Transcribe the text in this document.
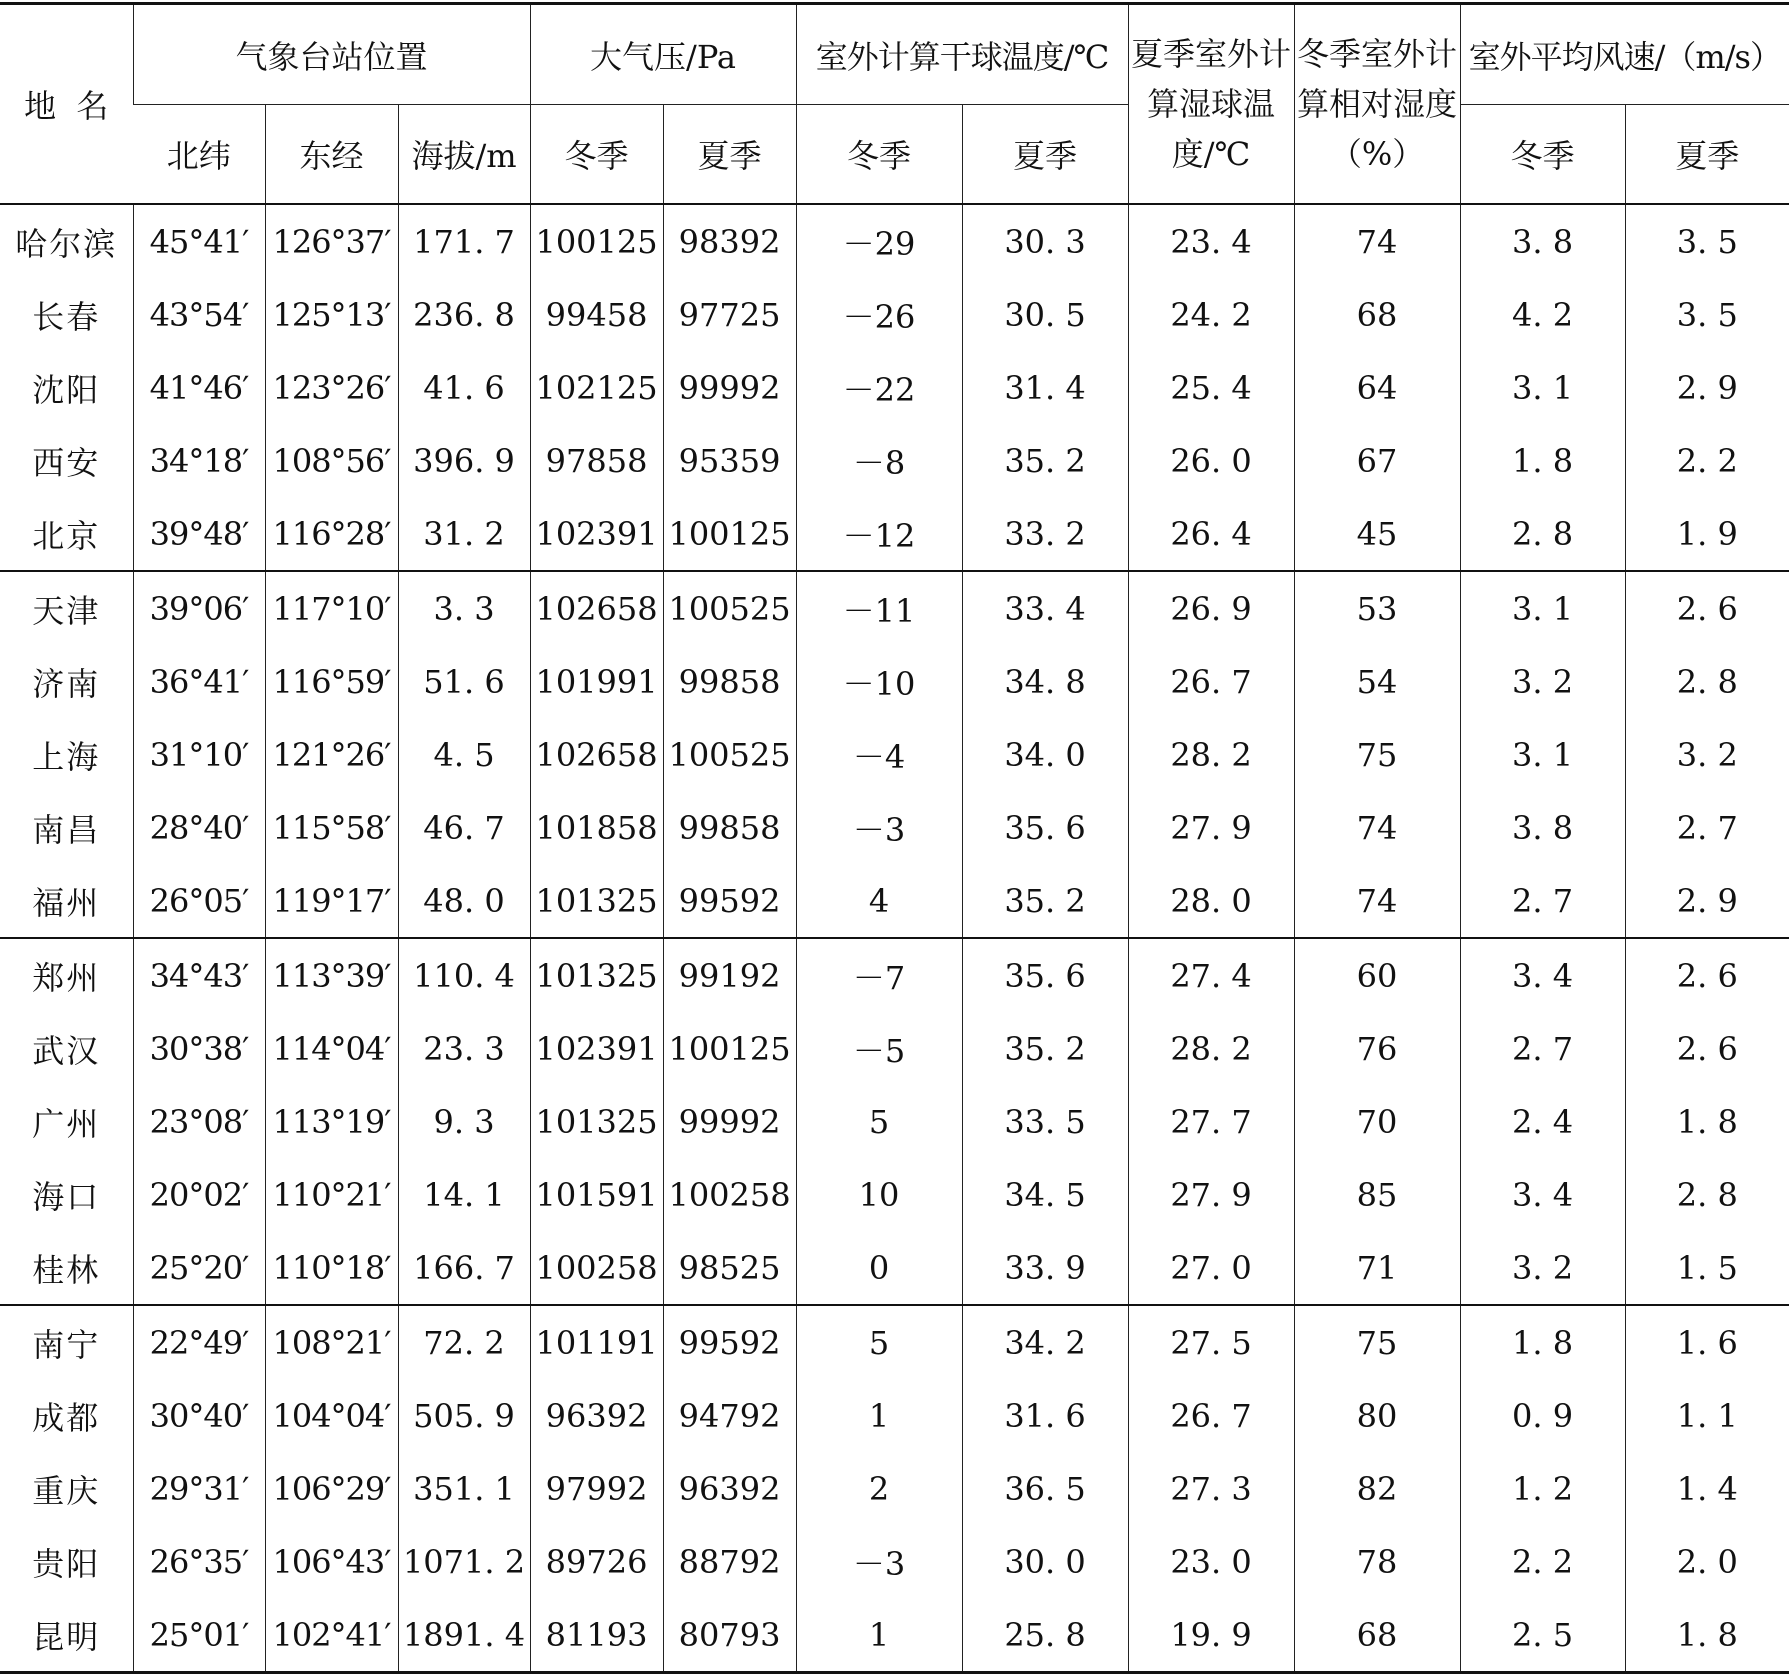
地  名	气象台站位置			大气压/Pa		室外计算干球温度/℃		夏季室外计算湿球温度/℃	冬季室外计算相对湿度（%）	室外平均风速/（m/s）	
	北纬	东经	海拔/m	冬季	夏季	冬季	夏季			冬季	夏季
哈尔滨	45°41′	126°37′	171. 7	100125	98392	－29	30. 3	23. 4	74	3. 8	3. 5
长春	43°54′	125°13′	236. 8	99458	97725	－26	30. 5	24. 2	68	4. 2	3. 5
沈阳	41°46′	123°26′	41. 6	102125	99992	－22	31. 4	25. 4	64	3. 1	2. 9
西安	34°18′	108°56′	396. 9	97858	95359	－8	35. 2	26. 0	67	1. 8	2. 2
北京	39°48′	116°28′	31. 2	102391	100125	－12	33. 2	26. 4	45	2. 8	1. 9
天津	39°06′	117°10′	3. 3	102658	100525	－11	33. 4	26. 9	53	3. 1	2. 6
济南	36°41′	116°59′	51. 6	101991	99858	－10	34. 8	26. 7	54	3. 2	2. 8
上海	31°10′	121°26′	4. 5	102658	100525	－4	34. 0	28. 2	75	3. 1	3. 2
南昌	28°40′	115°58′	46. 7	101858	99858	－3	35. 6	27. 9	74	3. 8	2. 7
福州	26°05′	119°17′	48. 0	101325	99592	4	35. 2	28. 0	74	2. 7	2. 9
郑州	34°43′	113°39′	110. 4	101325	99192	－7	35. 6	27. 4	60	3. 4	2. 6
武汉	30°38′	114°04′	23. 3	102391	100125	－5	35. 2	28. 2	76	2. 7	2. 6
广州	23°08′	113°19′	9. 3	101325	99992	5	33. 5	27. 7	70	2. 4	1. 8
海口	20°02′	110°21′	14. 1	101591	100258	10	34. 5	27. 9	85	3. 4	2. 8
桂林	25°20′	110°18′	166. 7	100258	98525	0	33. 9	27. 0	71	3. 2	1. 5
南宁	22°49′	108°21′	72. 2	101191	99592	5	34. 2	27. 5	75	1. 8	1. 6
成都	30°40′	104°04′	505. 9	96392	94792	1	31. 6	26. 7	80	0. 9	1. 1
重庆	29°31′	106°29′	351. 1	97992	96392	2	36. 5	27. 3	82	1. 2	1. 4
贵阳	26°35′	106°43′	1071. 2	89726	88792	－3	30. 0	23. 0	78	2. 2	2. 0
昆明	25°01′	102°41′	1891. 4	81193	80793	1	25. 8	19. 9	68	2. 5	1. 8
